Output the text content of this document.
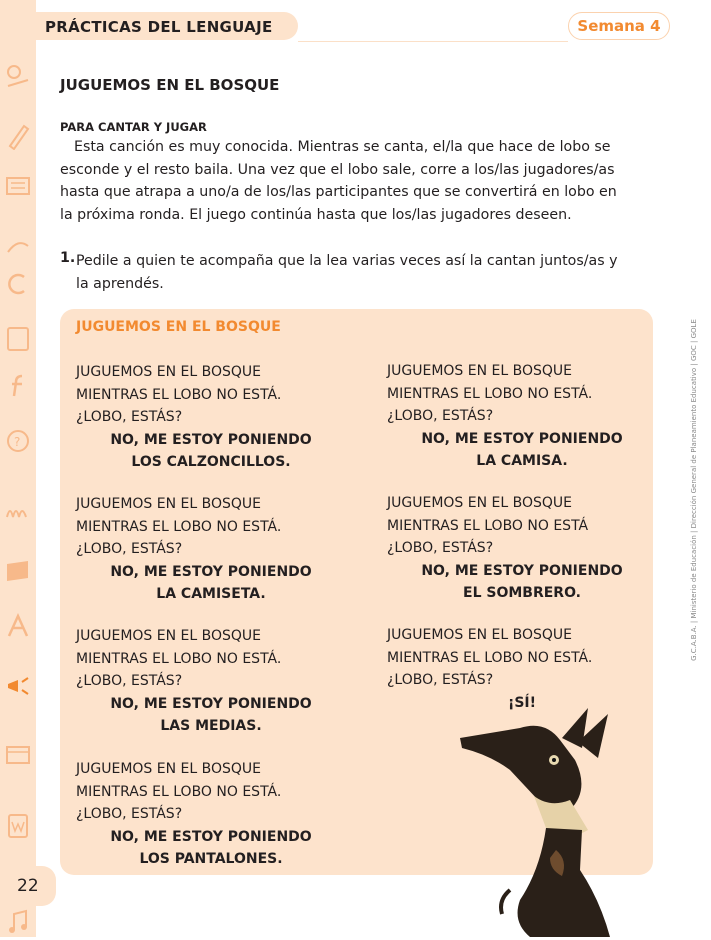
?
PRÁCTICAS DEL LENGUAJE	Semana 4
JUGUEMOS EN EL BOSQUE
PARA CANTAR Y JUGAR

Esta canción es muy conocida. Mientras se canta, el/la que hace de lobo se
esconde y el resto baila. Una vez que el lobo sale, corre a los/las jugadores/as
hasta que atrapa a uno/a de los/las participantes que se convertirá en lobo en
la próxima ronda. El juego continúa hasta que los/las jugadores deseen.

1. Pedile a quien te acompaña que la lea varias veces así la cantan juntos/as y
la aprendés.
JUGUEMOS EN EL BOSQUE
JUGUEMOS EN EL BOSQUE
MIENTRAS EL LOBO NO ESTÁ.
¿LOBO, ESTÁS?
NO, ME ESTOY PONIENDO
LOS CALZONCILLOS.
JUGUEMOS EN EL BOSQUE
MIENTRAS EL LOBO NO ESTÁ.
¿LOBO, ESTÁS?
NO, ME ESTOY PONIENDO
LA CAMISETA.
JUGUEMOS EN EL BOSQUE
MIENTRAS EL LOBO NO ESTÁ.
¿LOBO, ESTÁS?
NO, ME ESTOY PONIENDO
LAS MEDIAS.
JUGUEMOS EN EL BOSQUE
MIENTRAS EL LOBO NO ESTÁ.
¿LOBO, ESTÁS?
NO, ME ESTOY PONIENDO
LOS PANTALONES.
JUGUEMOS EN EL BOSQUE
MIENTRAS EL LOBO NO ESTÁ.
¿LOBO, ESTÁS?
NO, ME ESTOY PONIENDO
LA CAMISA.
JUGUEMOS EN EL BOSQUE
MIENTRAS EL LOBO NO ESTÁ
¿LOBO, ESTÁS?
NO, ME ESTOY PONIENDO
EL SOMBRERO.
JUGUEMOS EN EL BOSQUE
MIENTRAS EL LOBO NO ESTÁ.
¿LOBO, ESTÁS?
¡SÍ!
G.C.A.B.A. | Ministerio de Educación | Dirección General de Planeamiento Educativo | GOC | GOLE
22
